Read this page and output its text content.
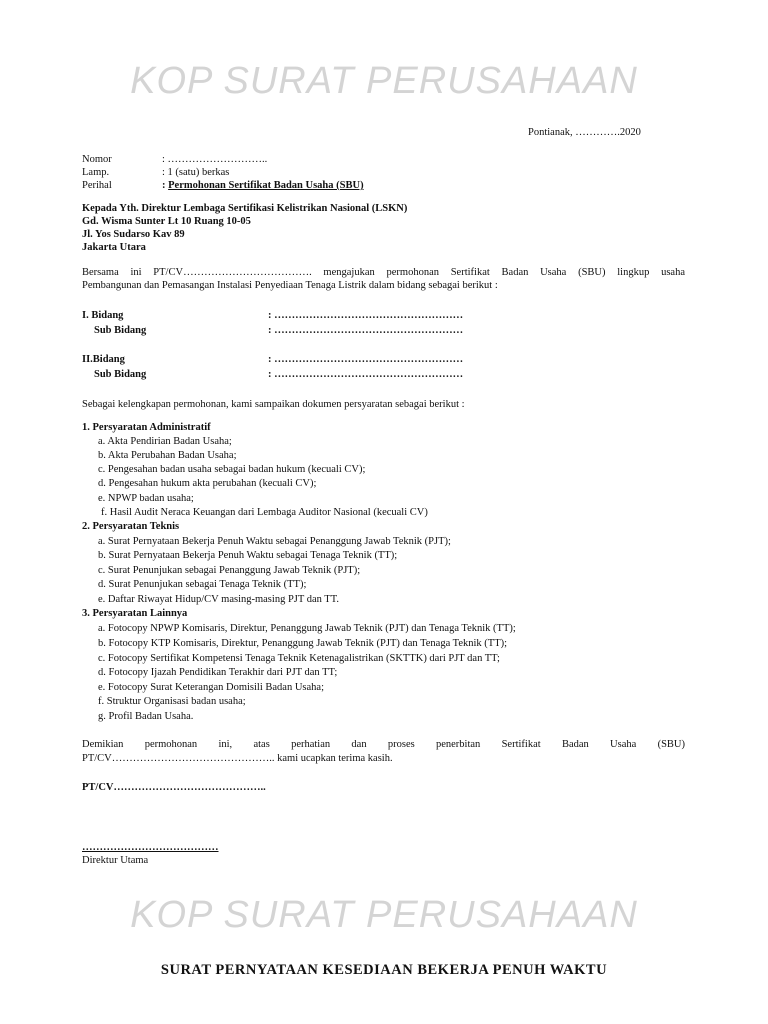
KOP SURAT PERUSAHAAN
Pontianak, ………….2020
Nomor	: ………………………..
Lamp.	: 1 (satu) berkas
Perihal	: Permohonan Sertifikat Badan Usaha (SBU)
Kepada Yth. Direktur Lembaga Sertifikasi Kelistrikan Nasional (LSKN)
Gd. Wisma Sunter Lt 10 Ruang 10-05
Jl. Yos Sudarso Kav 89
Jakarta Utara
Bersama ini PT/CV………………………………. mengajukan permohonan Sertifikat Badan Usaha (SBU) lingkup usaha
Pembangunan dan Pemasangan Instalasi Penyediaan Tenaga Listrik dalam bidang sebagai berikut :
I. Bidang	: ………………………………………………
Sub Bidang	: ………………………………………………
II.Bidang	: ………………………………………………
Sub Bidang	: ………………………………………………
Sebagai kelengkapan permohonan, kami sampaikan dokumen persyaratan sebagai berikut :
1. Persyaratan Administratif
a. Akta Pendirian Badan Usaha;
b. Akta Perubahan Badan Usaha;
c. Pengesahan badan usaha sebagai badan hukum (kecuali CV);
d. Pengesahan hukum akta perubahan (kecuali CV);
e. NPWP badan usaha;
f. Hasil Audit Neraca Keuangan dari Lembaga Auditor Nasional (kecuali CV)
2. Persyaratan Teknis
a. Surat Pernyataan Bekerja Penuh Waktu sebagai Penanggung Jawab Teknik (PJT);
b. Surat Pernyataan Bekerja Penuh Waktu sebagai Tenaga Teknik (TT);
c. Surat Penunjukan sebagai Penanggung Jawab Teknik (PJT);
d. Surat Penunjukan sebagai Tenaga Teknik (TT);
e. Daftar Riwayat Hidup/CV masing-masing PJT dan TT.
3. Persyaratan Lainnya
a. Fotocopy NPWP Komisaris, Direktur, Penanggung Jawab Teknik (PJT) dan Tenaga Teknik (TT);
b. Fotocopy KTP Komisaris, Direktur, Penanggung Jawab Teknik (PJT) dan Tenaga Teknik (TT);
c. Fotocopy Sertifikat Kompetensi Tenaga Teknik Ketenagalistrikan (SKTTK) dari PJT dan TT;
d. Fotocopy Ijazah Pendidikan Terakhir dari PJT dan TT;
e. Fotocopy Surat Keterangan Domisili Badan Usaha;
f. Struktur Organisasi badan usaha;
g. Profil Badan Usaha.
Demikian permohonan ini, atas perhatian dan proses penerbitan Sertifikat Badan Usaha (SBU)
PT/CV……………………………………….. kami ucapkan terima kasih.
PT/CV……………………………………..
…………………………………
Direktur Utama
KOP SURAT PERUSAHAAN
SURAT PERNYATAAN KESEDIAAN BEKERJA PENUH WAKTU
